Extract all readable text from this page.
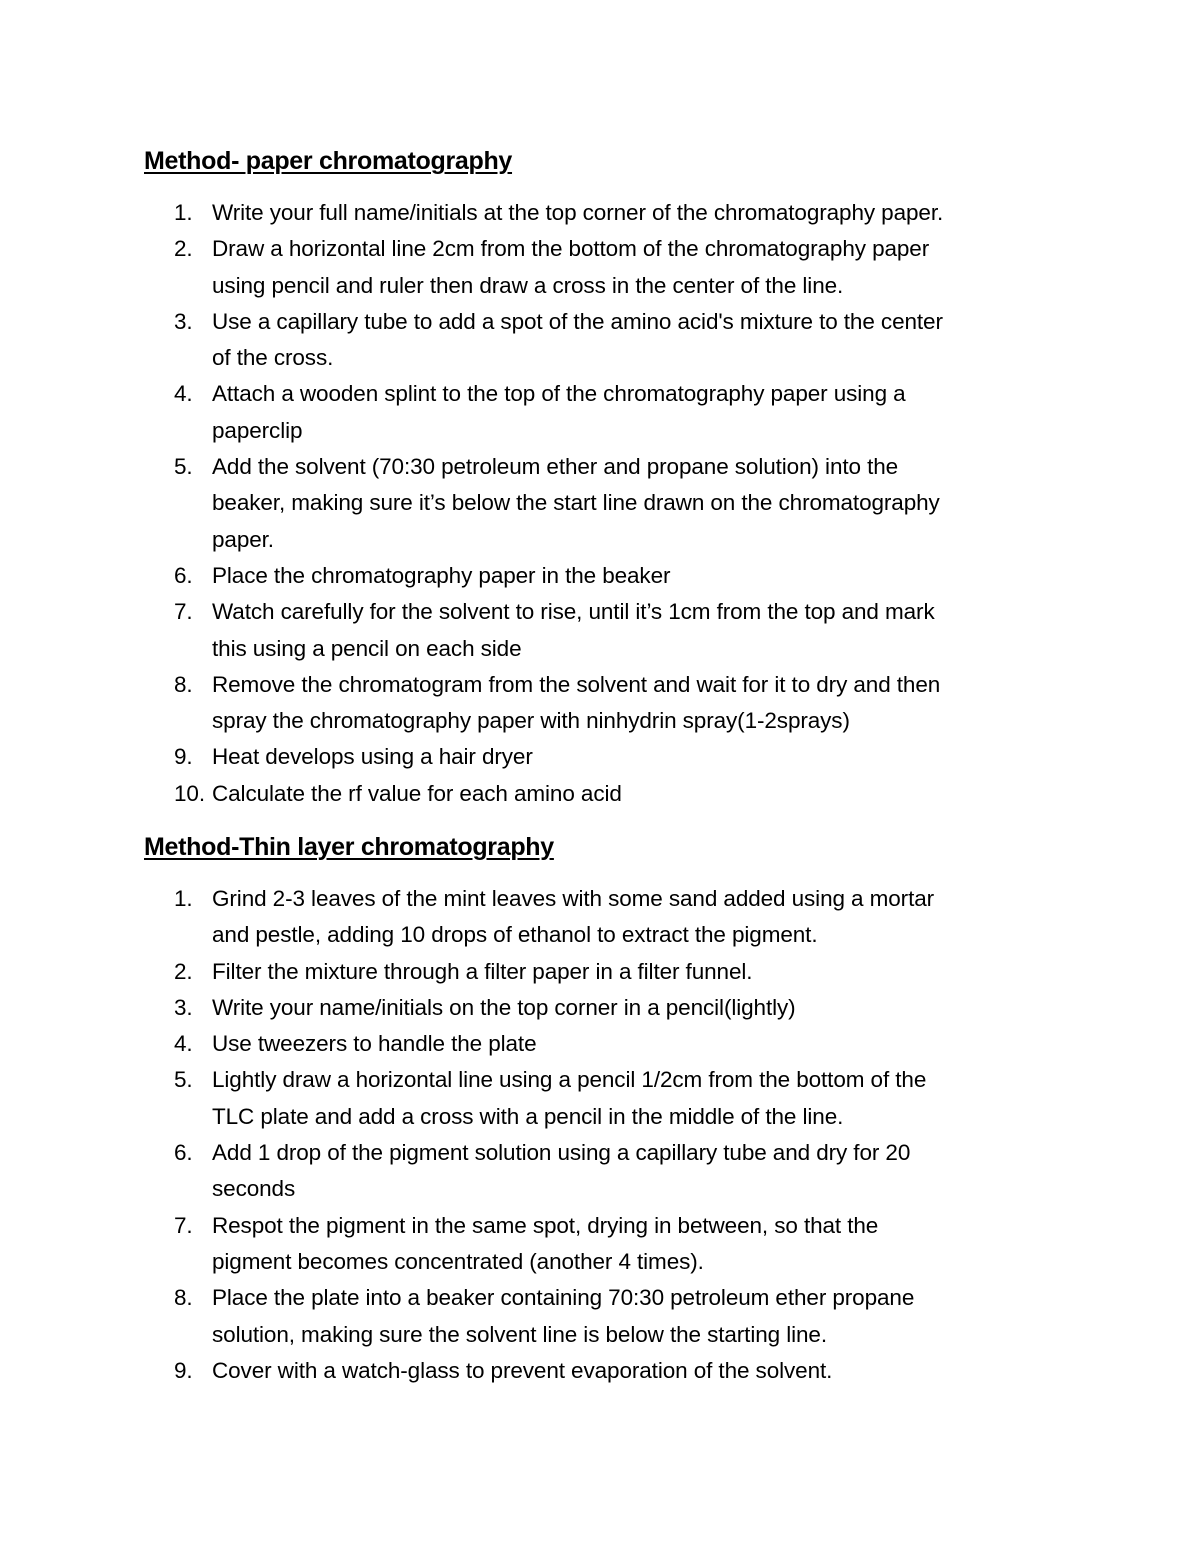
Method- paper chromatography
1. Write your full name/initials at the top corner of the chromatography paper.
2. Draw a horizontal line 2cm from the bottom of the chromatography paper
using pencil and ruler then draw a cross in the center of the line.
3. Use a capillary tube to add a spot of the amino acid's mixture to the center
of the cross.
4. Attach a wooden splint to the top of the chromatography paper using a
paperclip
5. Add the solvent (70:30 petroleum ether and propane solution) into the
beaker, making sure it’s below the start line drawn on the chromatography
paper.
6. Place the chromatography paper in the beaker
7. Watch carefully for the solvent to rise, until it’s 1cm from the top and mark
this using a pencil on each side
8. Remove the chromatogram from the solvent and wait for it to dry and then
spray the chromatography paper with ninhydrin spray(1-2sprays)
9. Heat develops using a hair dryer
10. Calculate the rf value for each amino acid
Method-Thin layer chromatography
1. Grind 2-3 leaves of the mint leaves with some sand added using a mortar
and pestle, adding 10 drops of ethanol to extract the pigment.
2. Filter the mixture through a filter paper in a filter funnel.
3. Write your name/initials on the top corner in a pencil(lightly)
4. Use tweezers to handle the plate
5. Lightly draw a horizontal line using a pencil 1/2cm from the bottom of the
TLC plate and add a cross with a pencil in the middle of the line.
6. Add 1 drop of the pigment solution using a capillary tube and dry for 20
seconds
7. Respot the pigment in the same spot, drying in between, so that the
pigment becomes concentrated (another 4 times).
8. Place the plate into a beaker containing 70:30 petroleum ether propane
solution, making sure the solvent line is below the starting line.
9. Cover with a watch-glass to prevent evaporation of the solvent.
